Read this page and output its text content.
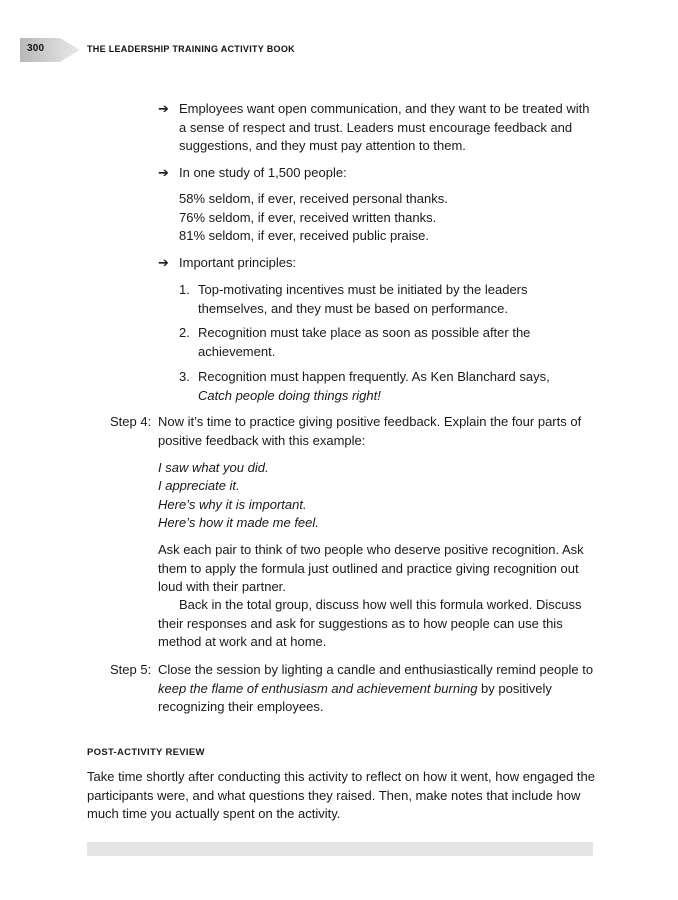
300	THE LEADERSHIP TRAINING ACTIVITY BOOK
➔ Employees want open communication, and they want to be treated with a sense of respect and trust. Leaders must encourage feedback and suggestions, and they must pay attention to them.
➔ In one study of 1,500 people:
58% seldom, if ever, received personal thanks.
76% seldom, if ever, received written thanks.
81% seldom, if ever, received public praise.
➔ Important principles:
1. Top-motivating incentives must be initiated by the leaders themselves, and they must be based on performance.
2. Recognition must take place as soon as possible after the achievement.
3. Recognition must happen frequently. As Ken Blanchard says,
Catch people doing things right!
Step 4: Now it’s time to practice giving positive feedback. Explain the four parts of positive feedback with this example:
I saw what you did.
I appreciate it.
Here’s why it is important.
Here’s how it made me feel.
Ask each pair to think of two people who deserve positive recognition. Ask them to apply the formula just outlined and practice giving recognition out loud with their partner.
Back in the total group, discuss how well this formula worked. Discuss their responses and ask for suggestions as to how people can use this method at work and at home.
Step 5: Close the session by lighting a candle and enthusiastically remind people to keep the flame of enthusiasm and achievement burning by positively recognizing their employees.
POST-ACTIVITY REVIEW
Take time shortly after conducting this activity to reflect on how it went, how engaged the participants were, and what questions they raised. Then, make notes that include how much time you actually spent on the activity.
